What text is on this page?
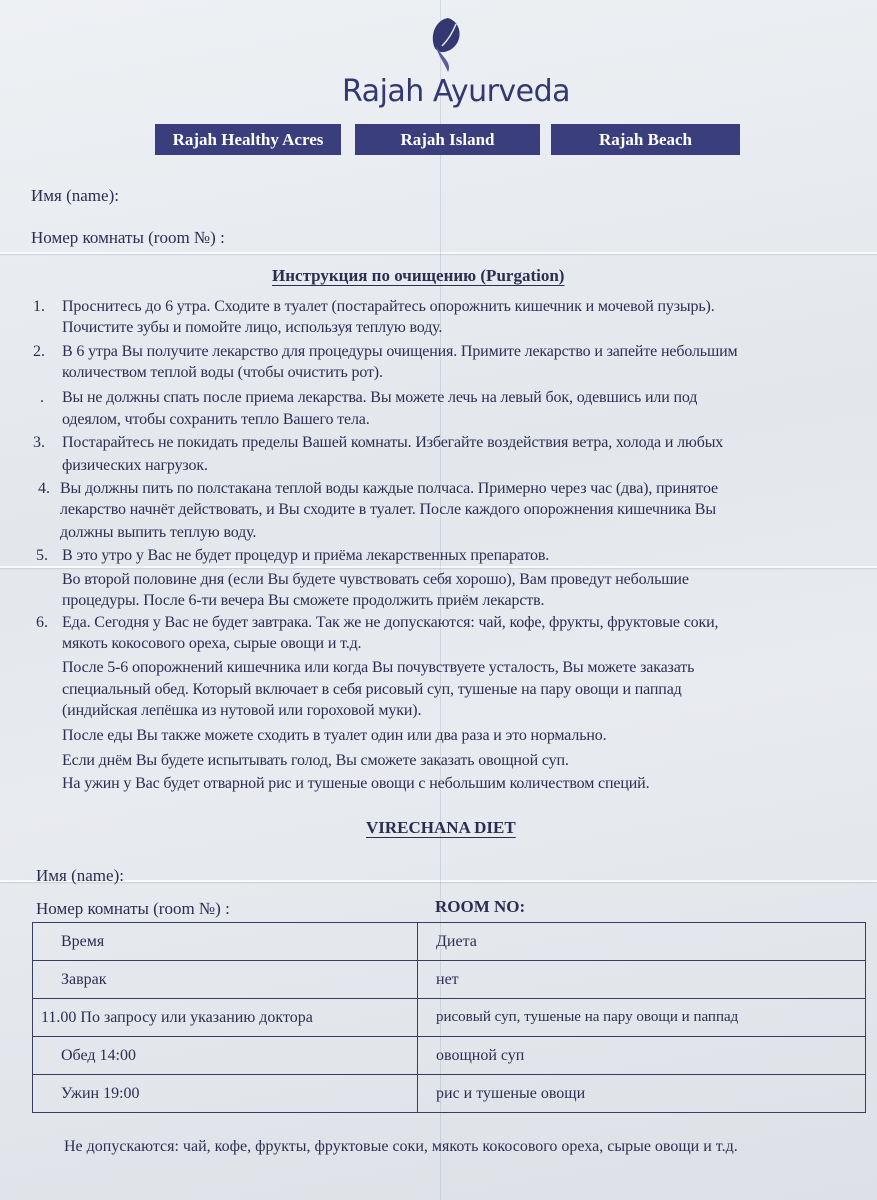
Rajah Ayurveda
Rajah Healthy Acres	Rajah Island	Rajah Beach
Имя (name):
Номер комнаты (room №) :
Инструкция по очищению (Purgation)
1. Проснитесь до 6 утра. Сходите в туалет (постарайтесь опорожнить кишечник и мочевой пузырь).
Почистите зубы и помойте лицо, используя теплую воду.
2. В 6 утра Вы получите лекарство для процедуры очищения. Примите лекарство и запейте небольшим
количеством теплой воды (чтобы очистить рот).
. Вы не должны спать после приема лекарства. Вы можете лечь на левый бок, одевшись или под
одеялом, чтобы сохранить тепло Вашего тела.
3. Постарайтесь не покидать пределы Вашей комнаты. Избегайте воздействия ветра, холода и любых
физических нагрузок.
4. Вы должны пить по полстакана теплой воды каждые полчаса. Примерно через час (два), принятое
лекарство начнёт действовать, и Вы сходите в туалет. После каждого опорожнения кишечника Вы
должны выпить теплую воду.
5. В это утро у Вас не будет процедур и приёма лекарственных препаратов.
Во второй половине дня (если Вы будете чувствовать себя хорошо), Вам проведут небольшие
процедуры. После 6-ти вечера Вы сможете продолжить приём лекарств.
6. Еда. Сегодня у Вас не будет завтрака. Так же не допускаются: чай, кофе, фрукты, фруктовые соки,
мякоть кокосового ореха, сырые овощи и т.д.
После 5-6 опорожнений кишечника или когда Вы почувствуете усталость, Вы можете заказать
специальный обед. Который включает в себя рисовый суп, тушеные на пару овощи и паппад
(индийская лепёшка из нутовой или гороховой муки).
После еды Вы также можете сходить в туалет один или два раза и это нормально.
Если днём Вы будете испытывать голод, Вы сможете заказать овощной суп.
На ужин у Вас будет отварной рис и тушеные овощи с небольшим количеством специй.
VIRECHANA DIET
Имя (name):
Номер комнаты (room №) :	ROOM NO:
Время	Диета
Заврак	нет
11.00 По запросу или указанию доктора	рисовый суп, тушеные на пару овощи и паппад
Обед 14:00	овощной суп
Ужин 19:00	рис и тушеные овощи
Не допускаются: чай, кофе, фрукты, фруктовые соки, мякоть кокосового ореха, сырые овощи и т.д.
